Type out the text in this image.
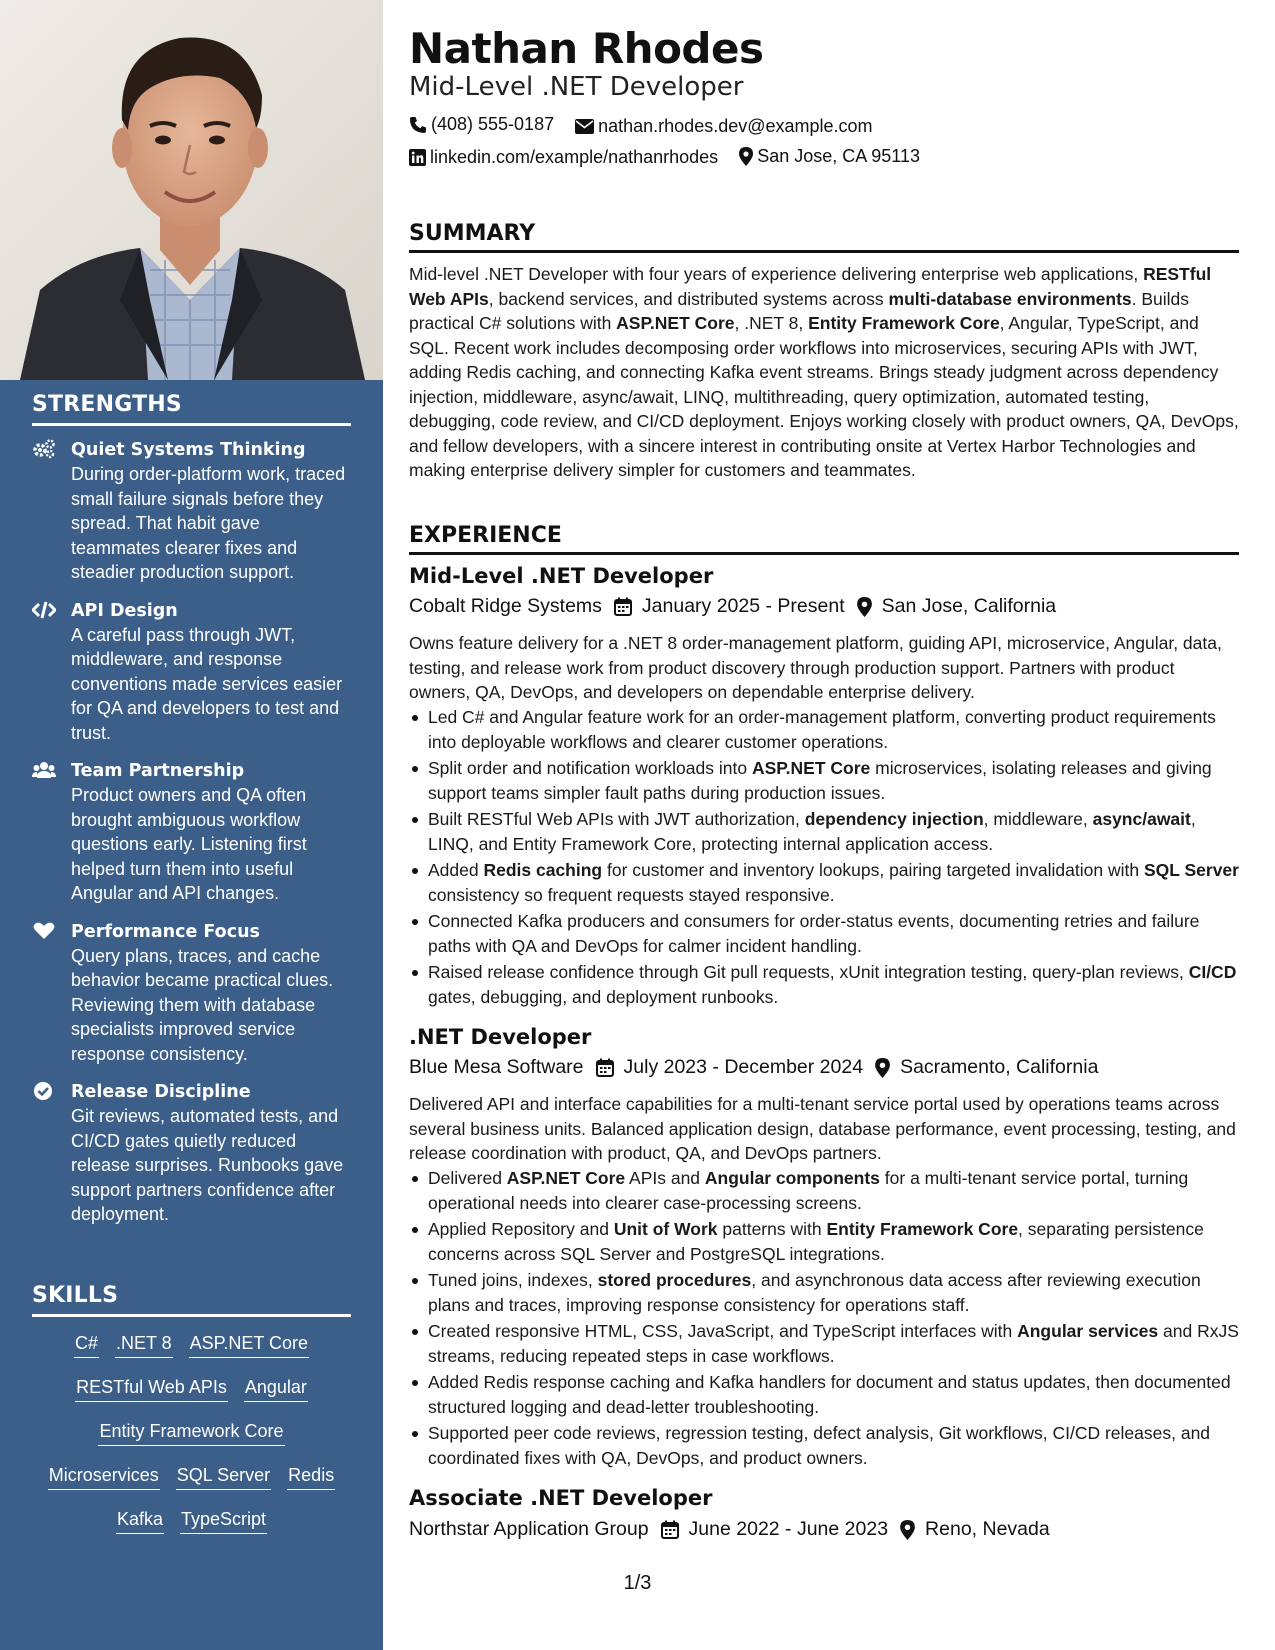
STRENGTHS
Quiet Systems Thinking
During order-platform work, traced small failure signals before they spread. That habit gave teammates clearer fixes and steadier production support.
API Design
A careful pass through JWT, middleware, and response conventions made services easier for QA and developers to test and trust.
Team Partnership
Product owners and QA often brought ambiguous workflow questions early. Listening first helped turn them into useful Angular and API changes.
Performance Focus
Query plans, traces, and cache behavior became practical clues. Reviewing them with database specialists improved service response consistency.
Release Discipline
Git reviews, automated tests, and CI/CD gates quietly reduced release surprises. Runbooks gave support partners confidence after deployment.
SKILLS
C# .NET 8 ASP.NET Core
RESTful Web APIs Angular
Entity Framework Core
Microservices SQL Server Redis
Kafka TypeScript
Nathan Rhodes
Mid-Level .NET Developer
(408) 555-0187
nathan.rhodes.dev@example.com
linkedin.com/example/nathanrhodes
San Jose, CA 95113
SUMMARY
Mid-level .NET Developer with four years of experience delivering enterprise web applications, RESTful Web APIs, backend services, and distributed systems across multi-database environments. Builds practical C# solutions with ASP.NET Core, .NET 8, Entity Framework Core, Angular, TypeScript, and SQL. Recent work includes decomposing order workflows into microservices, securing APIs with JWT, adding Redis caching, and connecting Kafka event streams. Brings steady judgment across dependency injection, middleware, async/await, LINQ, multithreading, query optimization, automated testing, debugging, code review, and CI/CD deployment. Enjoys working closely with product owners, QA, DevOps, and fellow developers, with a sincere interest in contributing onsite at Vertex Harbor Technologies and making enterprise delivery simpler for customers and teammates.
EXPERIENCE
Mid-Level .NET Developer
Cobalt Ridge Systems January 2025 - Present San Jose, California
Owns feature delivery for a .NET 8 order-management platform, guiding API, microservice, Angular, data, testing, and release work from product discovery through production support. Partners with product owners, QA, DevOps, and developers on dependable enterprise delivery.
Led C# and Angular feature work for an order-management platform, converting product requirements into deployable workflows and clearer customer operations.
Split order and notification workloads into ASP.NET Core microservices, isolating releases and giving support teams simpler fault paths during production issues.
Built RESTful Web APIs with JWT authorization, dependency injection, middleware, async/await, LINQ, and Entity Framework Core, protecting internal application access.
Added Redis caching for customer and inventory lookups, pairing targeted invalidation with SQL Server consistency so frequent requests stayed responsive.
Connected Kafka producers and consumers for order-status events, documenting retries and failure paths with QA and DevOps for calmer incident handling.
Raised release confidence through Git pull requests, xUnit integration testing, query-plan reviews, CI/CD gates, debugging, and deployment runbooks.
.NET Developer
Blue Mesa Software July 2023 - December 2024 Sacramento, California
Delivered API and interface capabilities for a multi-tenant service portal used by operations teams across several business units. Balanced application design, database performance, event processing, testing, and release coordination with product, QA, and DevOps partners.
Delivered ASP.NET Core APIs and Angular components for a multi-tenant service portal, turning operational needs into clearer case-processing screens.
Applied Repository and Unit of Work patterns with Entity Framework Core, separating persistence concerns across SQL Server and PostgreSQL integrations.
Tuned joins, indexes, stored procedures, and asynchronous data access after reviewing execution plans and traces, improving response consistency for operations staff.
Created responsive HTML, CSS, JavaScript, and TypeScript interfaces with Angular services and RxJS streams, reducing repeated steps in case workflows.
Added Redis response caching and Kafka handlers for document and status updates, then documented structured logging and dead-letter troubleshooting.
Supported peer code reviews, regression testing, defect analysis, Git workflows, CI/CD releases, and coordinated fixes with QA, DevOps, and product owners.
Associate .NET Developer
Northstar Application Group June 2022 - June 2023 Reno, Nevada
1/3
